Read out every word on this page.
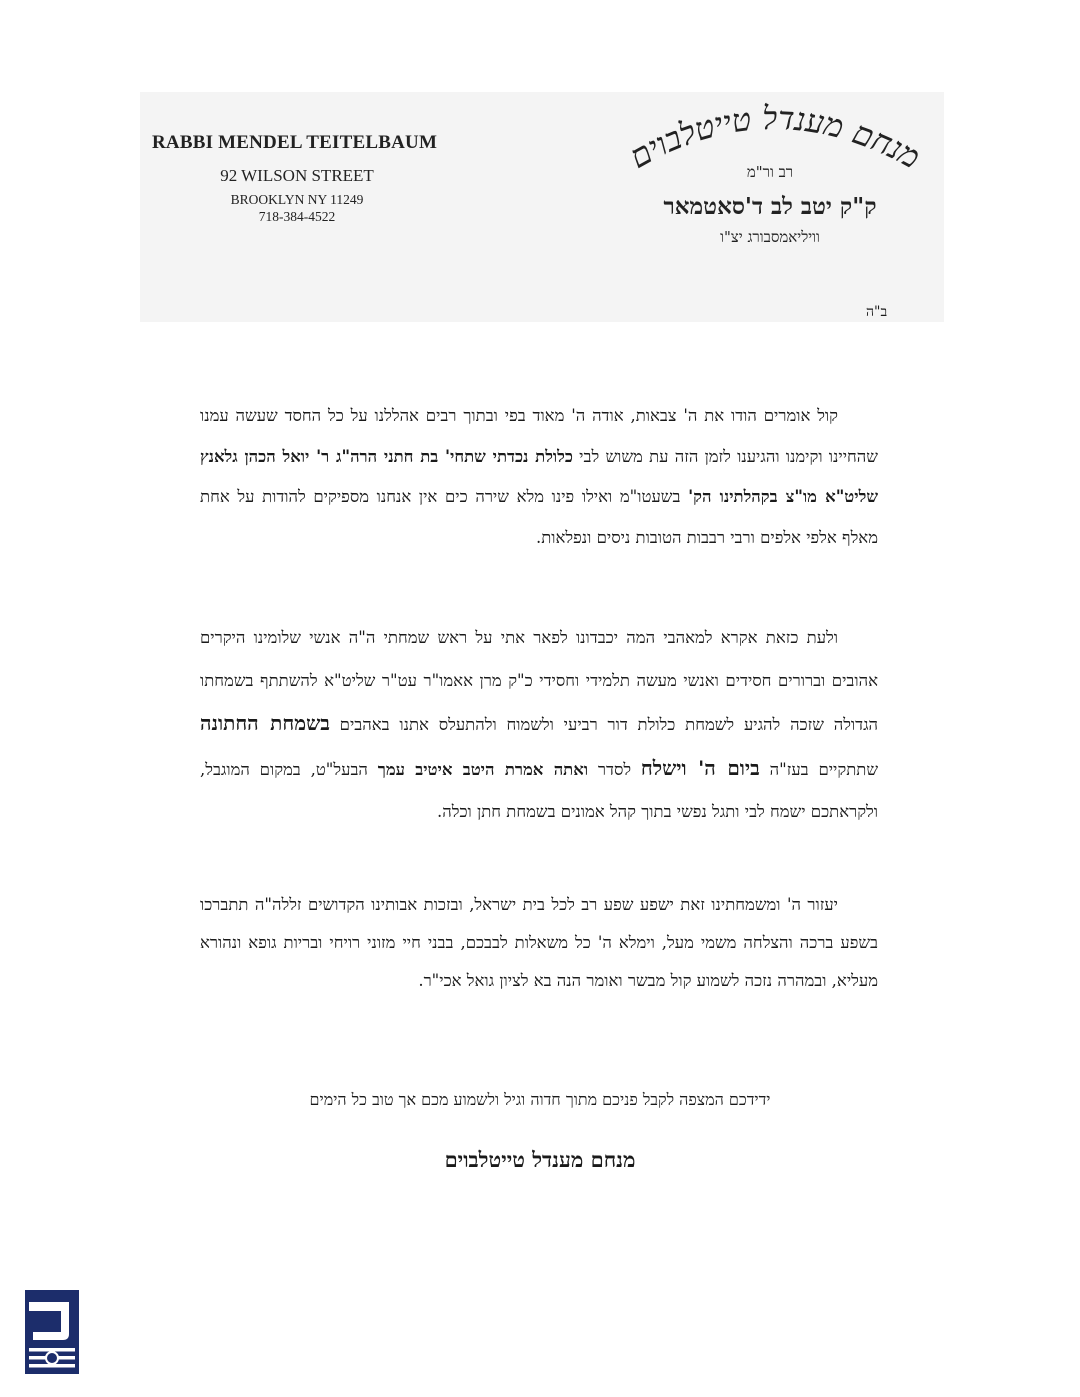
RABBI MENDEL TEITELBAUM
92 WILSON STREET
BROOKLYN NY 11249
718-384-4522
מנחם מענדל טייטלבוים
רב ור"מ
ק"ק יטב לב ד'סאטמאר
וויליאמסבורג יצ"ו
ב"ה

קול אומרים הודו את ה' צבאות, אודה ה' מאוד בפי ובתוך רבים אהללנו על כל החסד שעשה עמנו שהחיינו וקימנו והגיענו לזמן הזה עת משוש לבי כלולת נכדתי שתחי' בת חתני הרה"ג ר' יואל הכהן גלאנץ שליט"א מו"צ בקהלתינו הק' בשעטו"מ ואילו פינו מלא שירה כים אין אנחנו מספיקים להודות על אחת מאלף אלפי אלפים ורבי רבבות הטובות ניסים ונפלאות.

ולעת כזאת אקרא למאהבי המה יכבדונו לפאר אתי על ראש שמחתי ה"ה אנשי שלומינו היקרים אהובים וברורים חסידים ואנשי מעשה תלמידי וחסידי כ"ק מרן אאמו"ר עט"ר שליט"א להשתתף בשמחתו הגדולה שזכה להגיע לשמחת כלולת דור רביעי ולשמוח ולהתעלס אתנו באהבים בשמחת החתונה שתתקיים בעז"ה ביום ה' וישלח לסדר ואתה אמרת היטב איטיב עמך הבעל"ט, במקום המוגבל, ולקראתכם ישמח לבי ותגל נפשי בתוך קהל אמונים בשמחת חתן וכלה.

יעזור ה' ומשמחתינו זאת ישפע שפע רב לכל בית ישראל, ובזכות אבותינו הקדושים זללה"ה תתברכו בשפע ברכה והצלחה משמי מעל, וימלא ה' כל משאלות לבבכם, בבני חיי מזוני רויחי ובריות גופא ונהורא מעליא, ובמהרה נזכה לשמוע קול מבשר ואומר הנה בא לציון גואל אכי"ר.

ידידכם המצפה לקבל פניכם מתוך חדוה וגיל ולשמוע מכם אך טוב כל הימים
מנחם מענדל טייטלבוים
